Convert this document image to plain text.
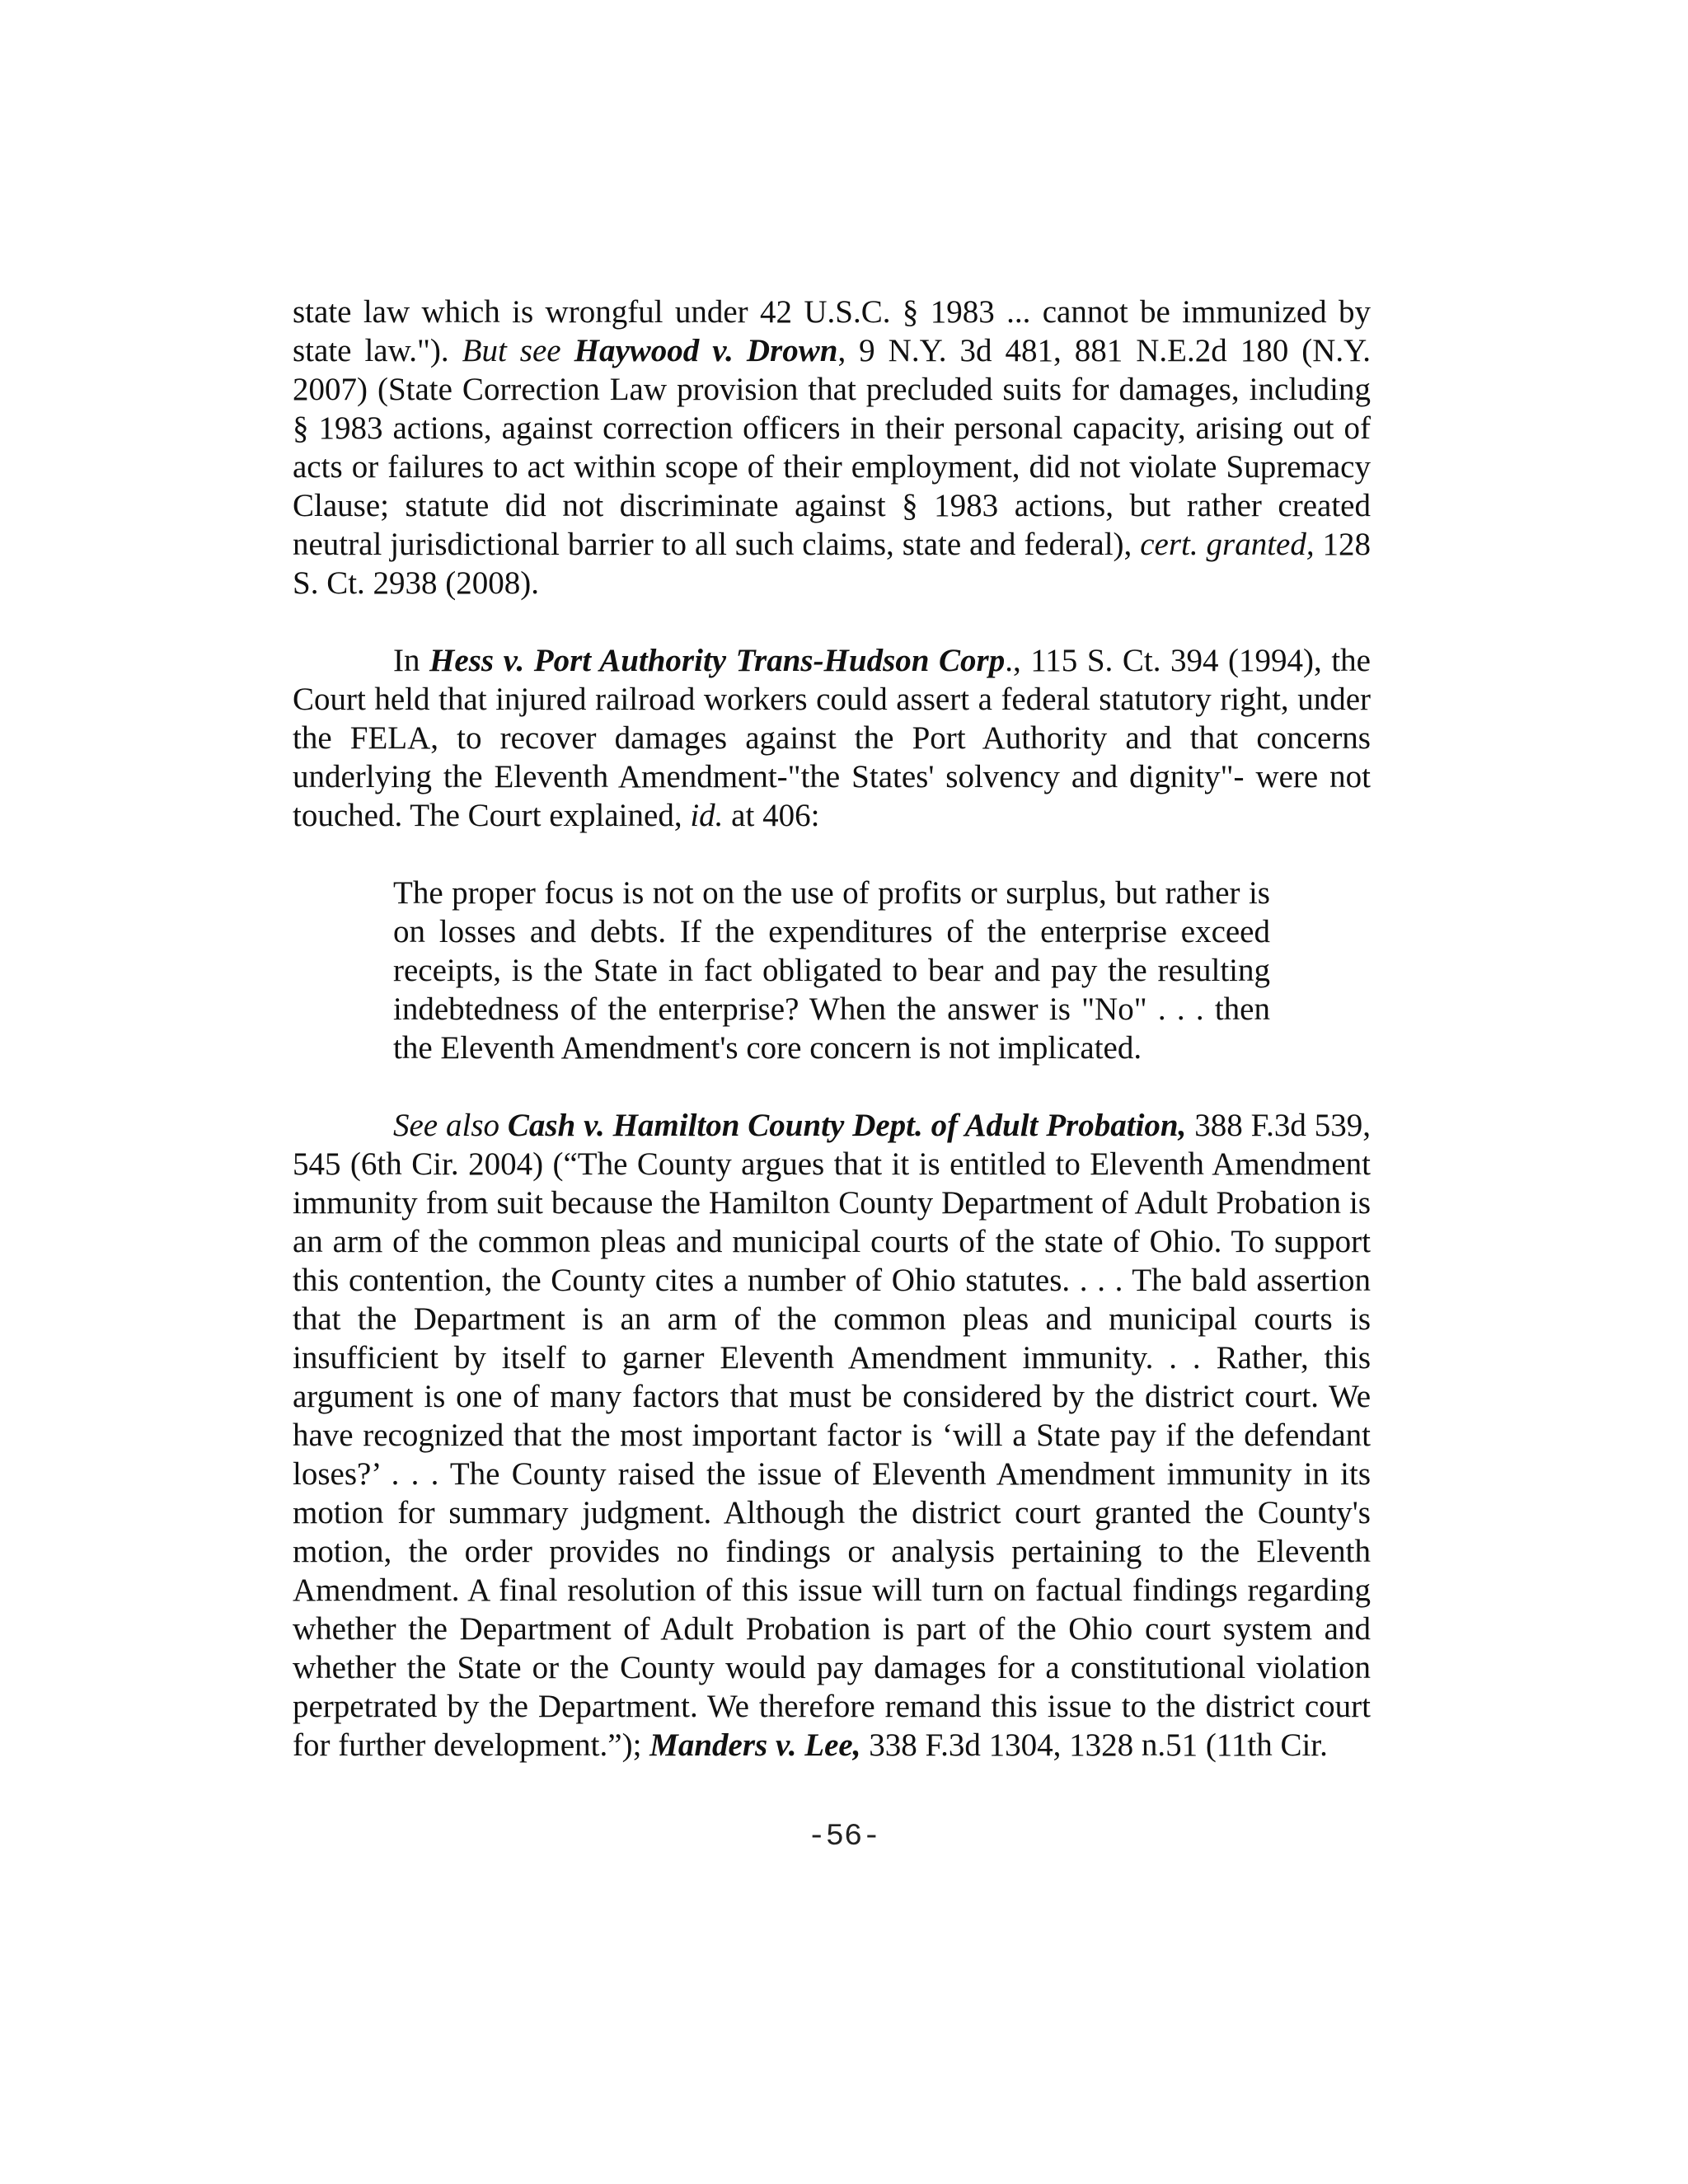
state law which is wrongful under 42 U.S.C. § 1983 ... cannot be immunized by state law."). But see Haywood v. Drown, 9 N.Y. 3d 481, 881 N.E.2d 180 (N.Y. 2007) (State Correction Law provision that precluded suits for damages, including § 1983 actions, against correction officers in their personal capacity, arising out of acts or failures to act within scope of their employment, did not violate Supremacy Clause; statute did not discriminate against § 1983 actions, but rather created neutral jurisdictional barrier to all such claims, state and federal), cert. granted, 128 S. Ct. 2938 (2008).

In Hess v. Port Authority Trans-Hudson Corp., 115 S. Ct. 394 (1994), the Court held that injured railroad workers could assert a federal statutory right, under the FELA, to recover damages against the Port Authority and that concerns underlying the Eleventh Amendment-"the States' solvency and dignity"- were not touched. The Court explained, id. at 406:

The proper focus is not on the use of profits or surplus, but rather is on losses and debts. If the expenditures of the enterprise exceed receipts, is the State in fact obligated to bear and pay the resulting indebtedness of the enterprise? When the answer is "No" . . . then the Eleventh Amendment's core concern is not implicated.

See also Cash v. Hamilton County Dept. of Adult Probation, 388 F.3d 539, 545 (6th Cir. 2004) (“The County argues that it is entitled to Eleventh Amendment immunity from suit because the Hamilton County Department of Adult Probation is an arm of the common pleas and municipal courts of the state of Ohio. To support this contention, the County cites a number of Ohio statutes. . . . The bald assertion that the Department is an arm of the common pleas and municipal courts is insufficient by itself to garner Eleventh Amendment immunity. . . Rather, this argument is one of many factors that must be considered by the district court. We have recognized that the most important factor is ‘will a State pay if the defendant loses?’ . . . The County raised the issue of Eleventh Amendment immunity in its motion for summary judgment. Although the district court granted the County's motion, the order provides no findings or analysis pertaining to the Eleventh Amendment. A final resolution of this issue will turn on factual findings regarding whether the Department of Adult Probation is part of the Ohio court system and whether the State or the County would pay damages for a constitutional violation perpetrated by the Department. We therefore remand this issue to the district court for further development.”); Manders v. Lee, 338 F.3d 1304, 1328 n.51 (11th Cir.

-56-
